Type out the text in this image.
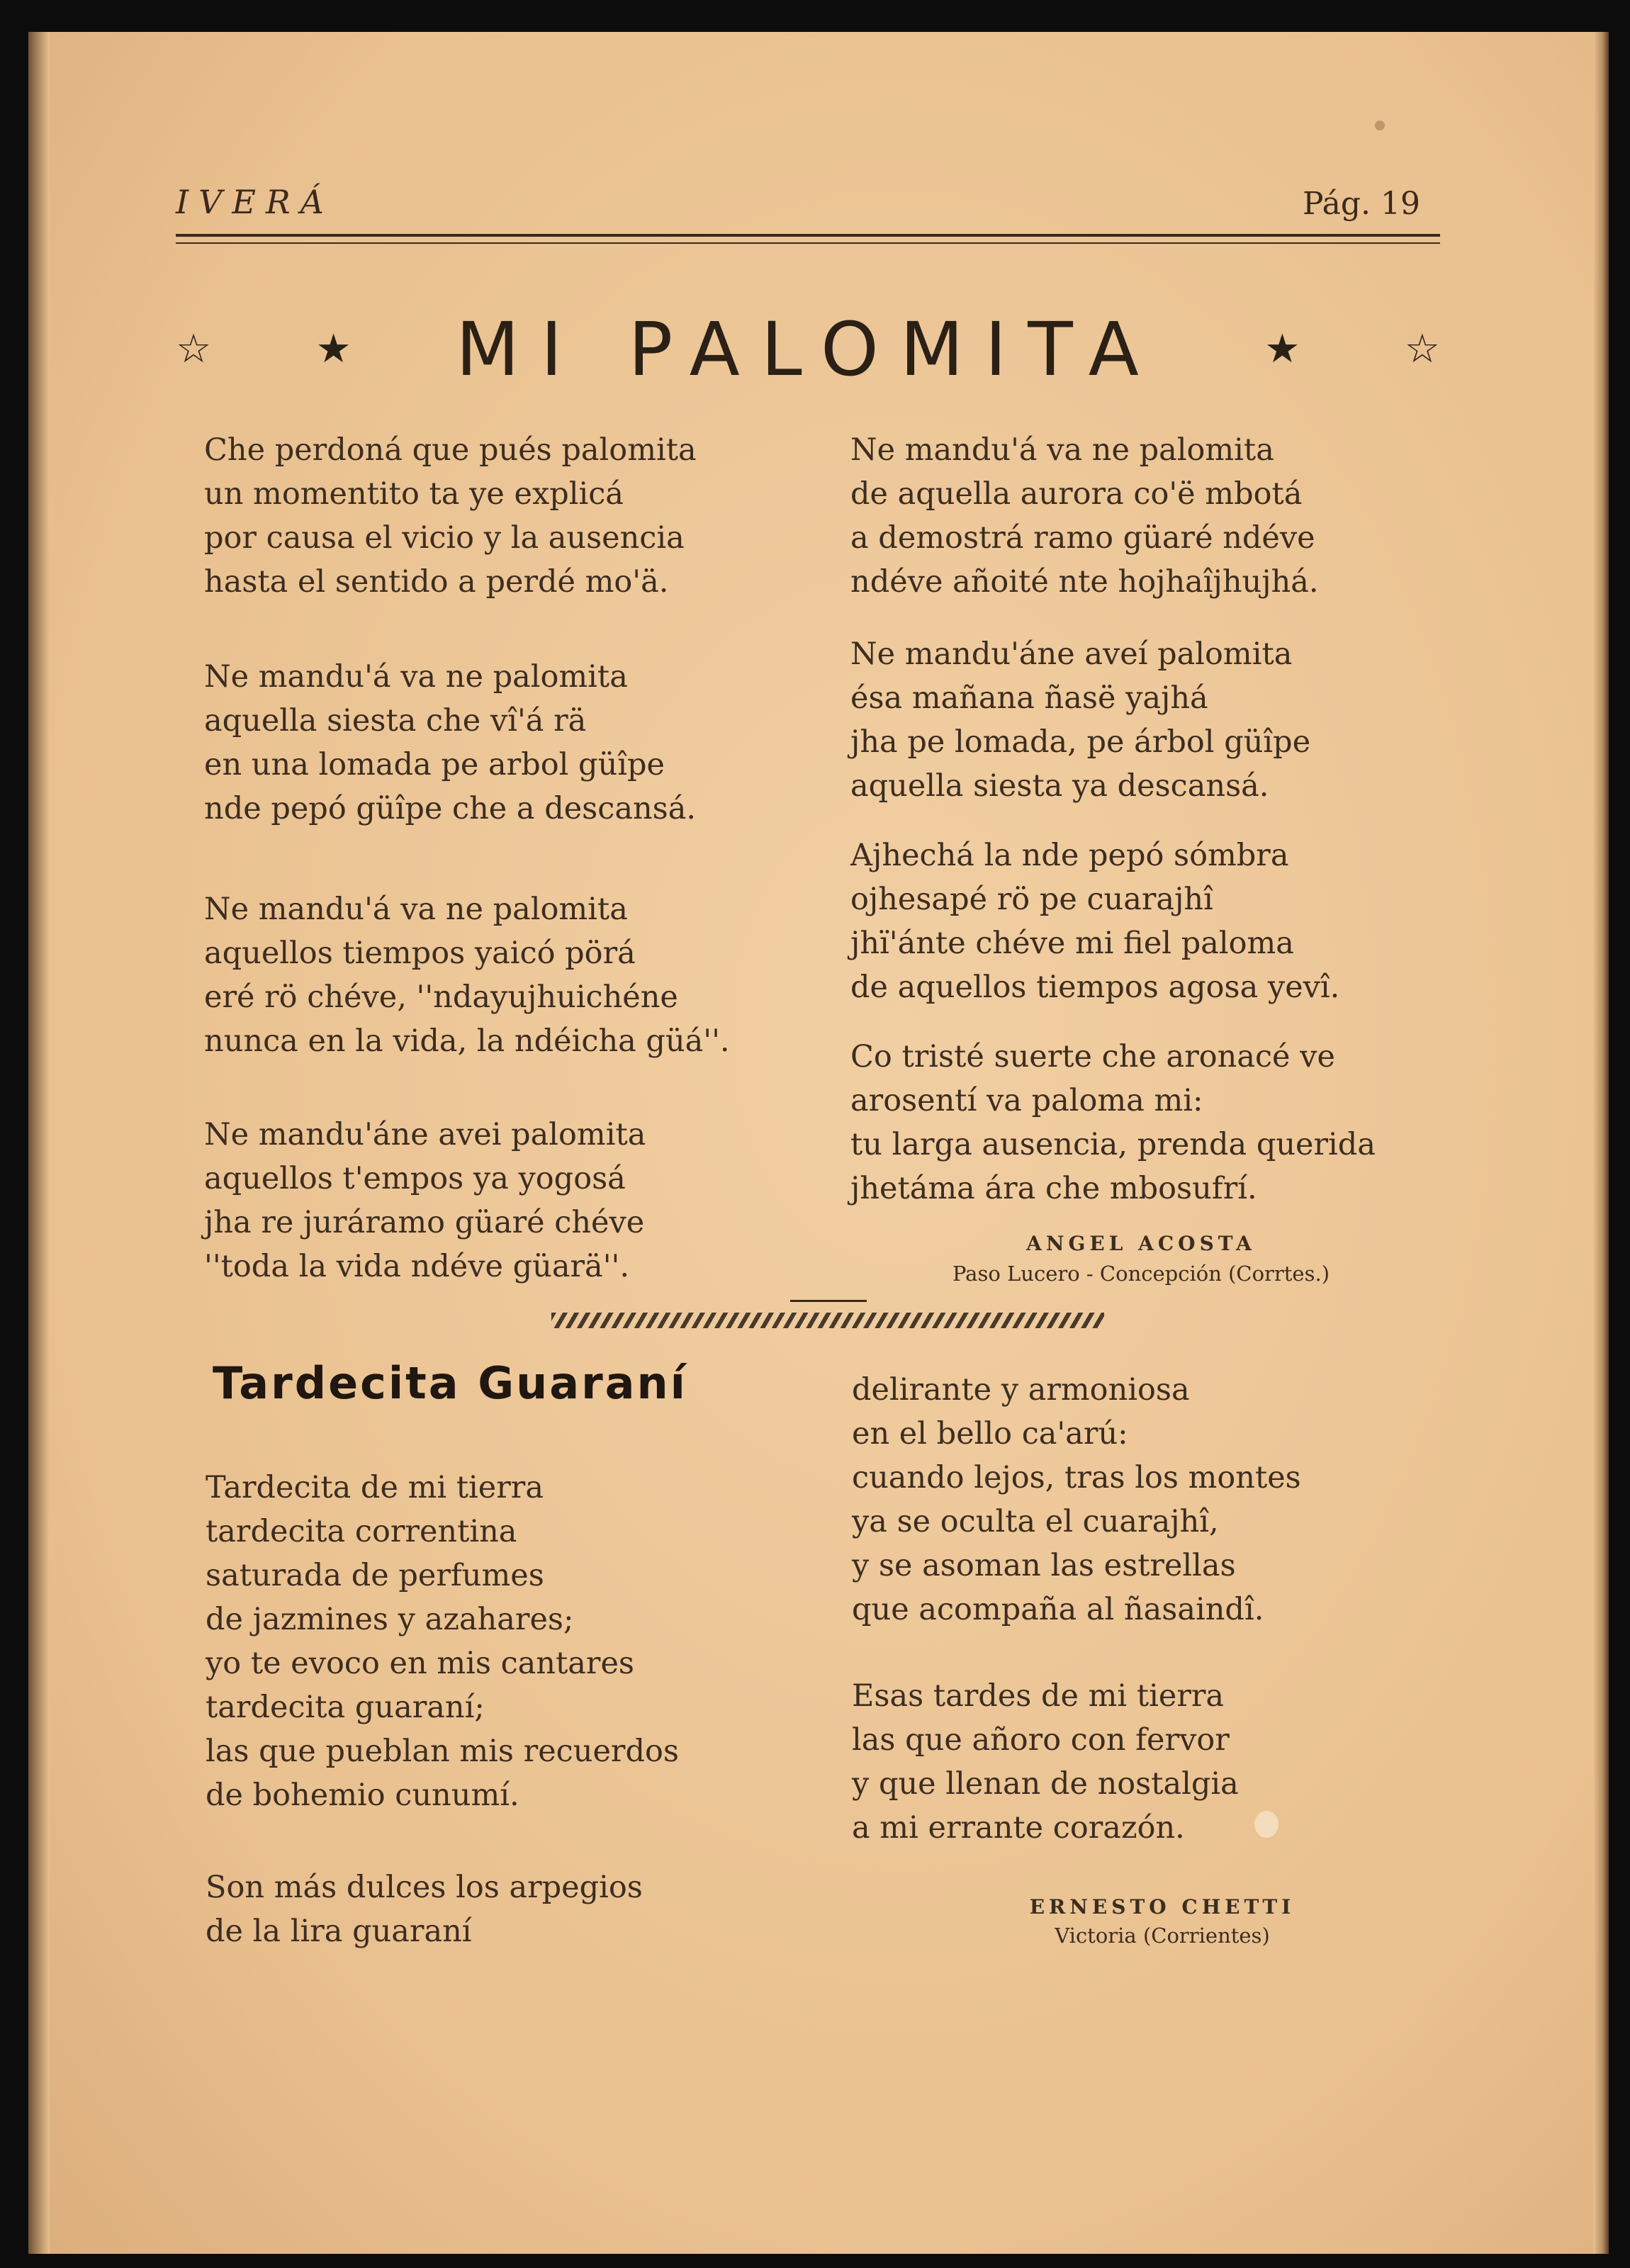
IVERÁ	Pág. 19
☆	★ MI PALOMITA	★	☆
Che perdoná que pués palomita
un momentito ta ye explicá
por causa el vicio y la ausencia
hasta el sentido a perdé mo'ä.
Ne mandu'á va ne palomita
aquella siesta che vî'á rä
en una lomada pe arbol güîpe
nde pepó güîpe che a descansá.
Ne mandu'á va ne palomita
aquellos tiempos yaicó pörá
eré rö chéve, ''ndayujhuichéne
nunca en la vida, la ndéicha güá''.
Ne mandu'áne avei palomita
aquellos t'empos ya yogosá
jha re juráramo güaré chéve
''toda la vida ndéve güarä''.
Ne mandu'á va ne palomita
de aquella aurora co'ë mbotá
a demostrá ramo güaré ndéve
ndéve añoité nte hojhaîjhujhá.
Ne mandu'áne aveí palomita
ésa mañana ñasë yajhá
jha pe lomada, pe árbol güîpe
aquella siesta ya descansá.
Ajhechá la nde pepó sómbra
ojhesapé rö pe cuarajhî
jhï'ánte chéve mi fiel paloma
de aquellos tiempos agosa yevî.
Co tristé suerte che aronacé ve
arosentí va paloma mi:
tu larga ausencia, prenda querida
jhetáma ára che mbosufrí.
ANGEL ACOSTA
Paso Lucero - Concepción (Corrtes.)
Tardecita Guaraní
Tardecita de mi tierra
tardecita correntina
saturada de perfumes
de jazmines y azahares;
yo te evoco en mis cantares
tardecita guaraní;
las que pueblan mis recuerdos
de bohemio cunumí.
Son más dulces los arpegios
de la lira guaraní
delirante y armoniosa
en el bello ca'arú:
cuando lejos, tras los montes
ya se oculta el cuarajhî,
y se asoman las estrellas
que acompaña al ñasaindî.
Esas tardes de mi tierra
las que añoro con fervor
y que llenan de nostalgia
a mi errante corazón.
ERNESTO CHETTI
Victoria (Corrientes)
